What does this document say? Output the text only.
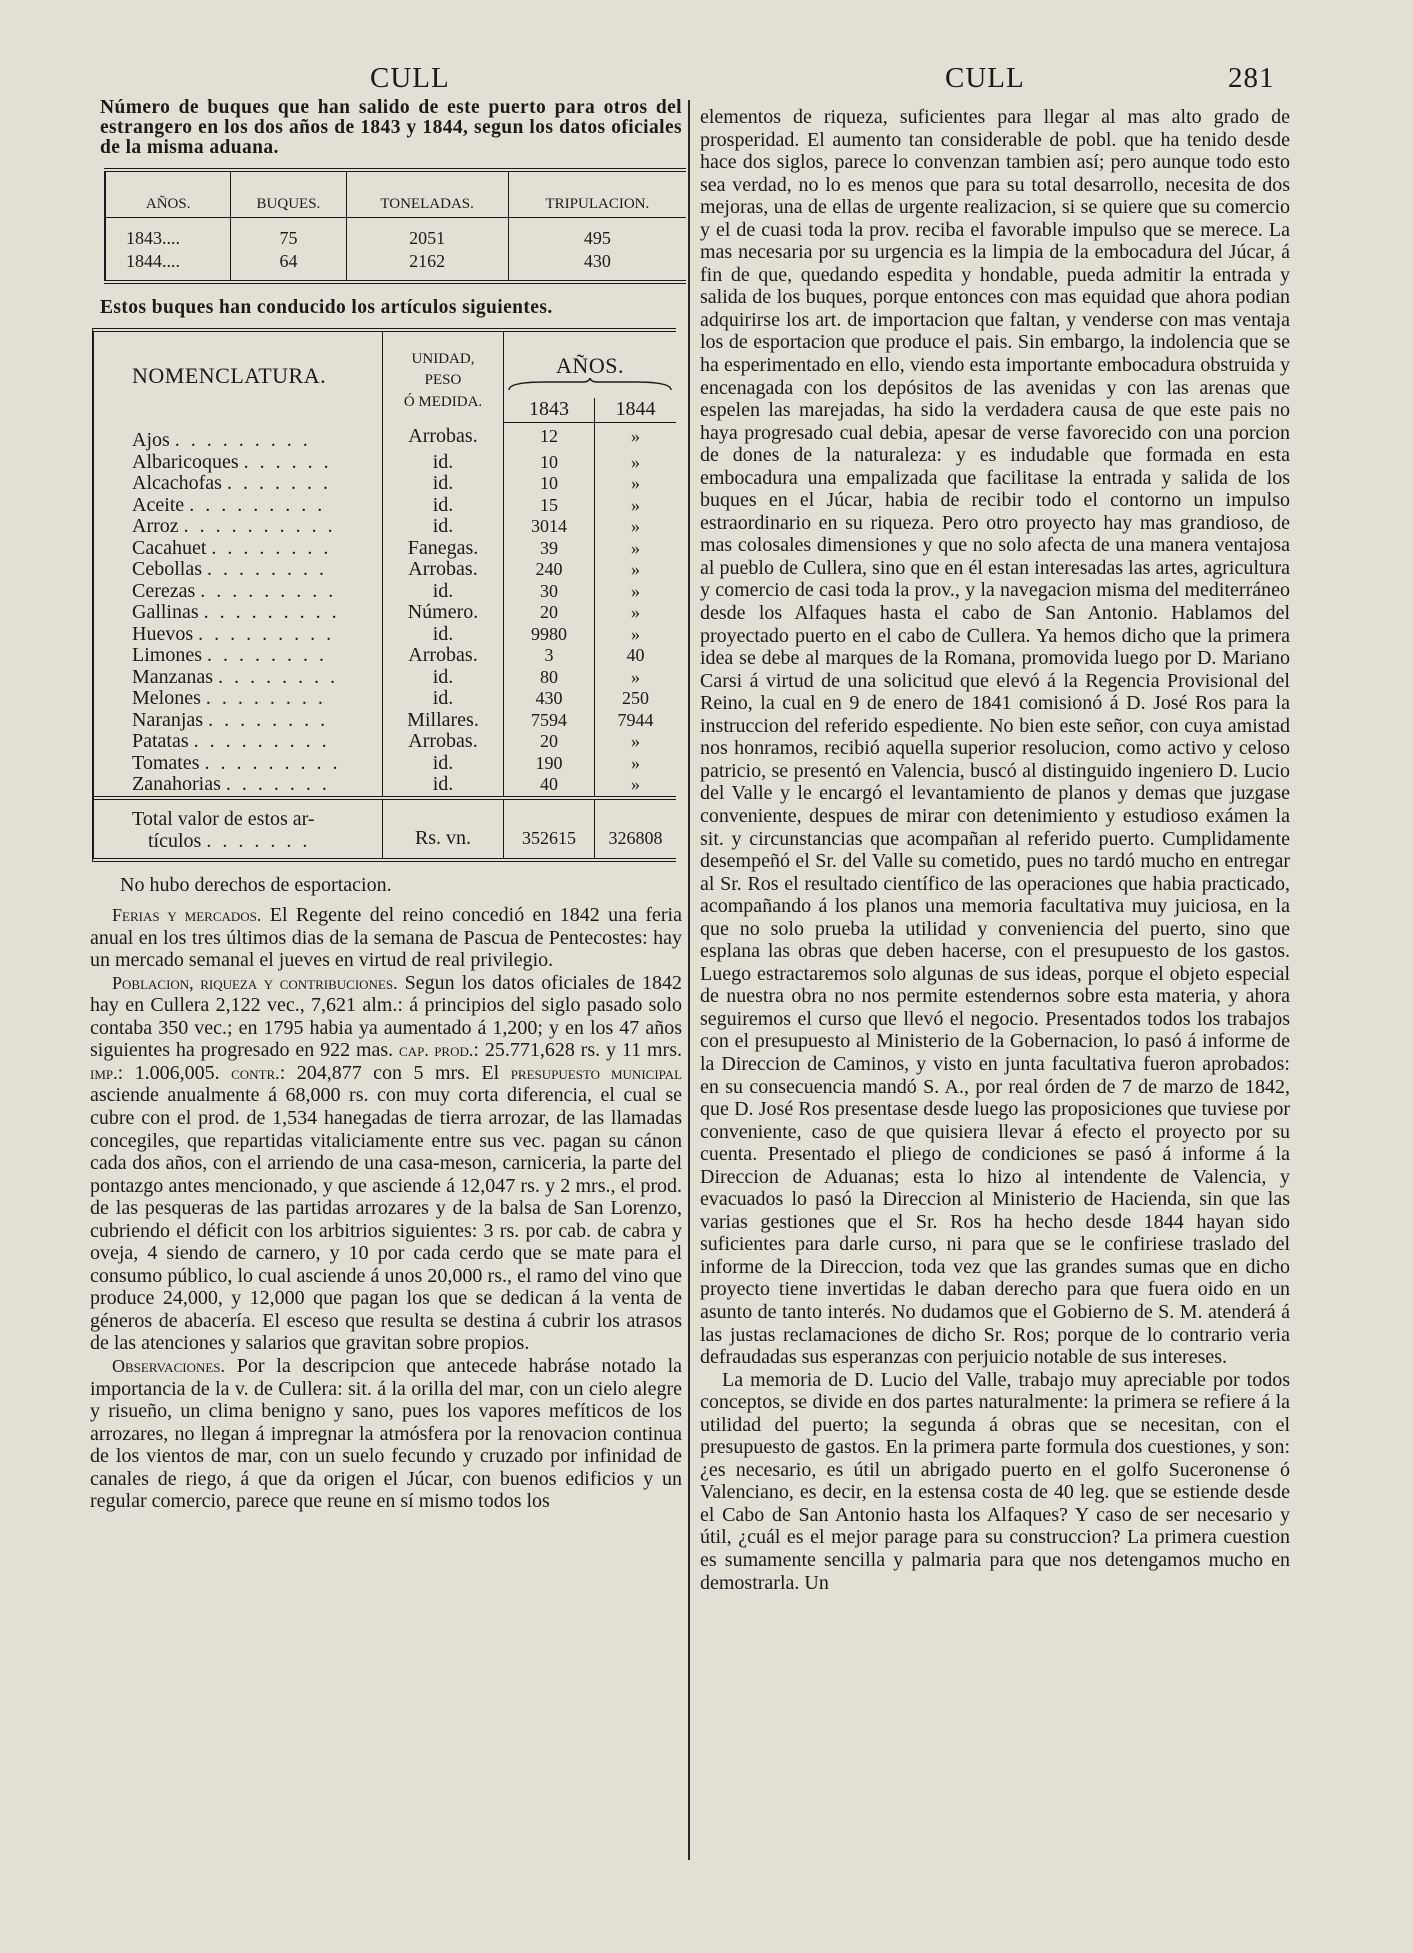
CULL	CULL	281

Número de buques que han salido de este puerto para otros del estrangero en los dos años de 1843 y 1844, segun los datos oficiales de la misma aduana.

AÑOS.	BUQUES.	TONELADAS.	TRIPULACION.
1843....	75	2051	495
1844....	64	2162	430

Estos buques han conducido los artículos siguientes.

NOMENCLATURA.	UNIDAD,
PESO
Ó MEDIDA.	AÑOS.	

		1843	1844
Ajos . . . . . . . . .	Arrobas.	12	»
Albaricoques . . . . . .	id.	10	»
Alcachofas . . . . . . .	id.	10	»
Aceite . . . . . . . . .	id.	15	»
Arroz . . . . . . . . . .	id.	3014	»
Cacahuet . . . . . . . .	Fanegas.	39	»
Cebollas . . . . . . . .	Arrobas.	240	»
Cerezas . . . . . . . . .	id.	30	»
Gallinas . . . . . . . . .	Número.	20	»
Huevos . . . . . . . . .	id.	9980	»
Limones . . . . . . . .	Arrobas.	3	40
Manzanas . . . . . . . .	id.	80	»
Melones . . . . . . . .	id.	430	250
Naranjas . . . . . . . .	Millares.	7594	7944
Patatas . . . . . . . . .	Arrobas.	20	»
Tomates . . . . . . . . .	id.	190	»
Zanahorias . . . . . . .	id.	40	»

Total valor de estos ar-
tículos . . . . . . .	Rs. vn.	352615	326808

No hubo derechos de esportacion.

Ferias y mercados. El Regente del reino concedió en 1842 una feria anual en los tres últimos dias de la semana de Pascua de Pentecostes: hay un mercado semanal el jueves en virtud de real privilegio.

Poblacion, riqueza y contribuciones. Segun los datos oficiales de 1842 hay en Cullera 2,122 vec., 7,621 alm.: á principios del siglo pasado solo contaba 350 vec.; en 1795 habia ya aumentado á 1,200; y en los 47 años siguientes ha progresado en 922 mas. cap. prod.: 25.771,628 rs. y 11 mrs. imp.: 1.006,005. contr.: 204,877 con 5 mrs. El presupuesto municipal asciende anualmente á 68,000 rs. con muy corta diferencia, el cual se cubre con el prod. de 1,534 hanegadas de tierra arrozar, de las llamadas concegiles, que repartidas vitaliciamente entre sus vec. pagan su cánon cada dos años, con el arriendo de una casa-meson, carniceria, la parte del pontazgo antes mencionado, y que asciende á 12,047 rs. y 2 mrs., el prod. de las pesqueras de las partidas arrozares y de la balsa de San Lorenzo, cubriendo el déficit con los arbitrios siguientes: 3 rs. por cab. de cabra y oveja, 4 siendo de carnero, y 10 por cada cerdo que se mate para el consumo público, lo cual asciende á unos 20,000 rs., el ramo del vino que produce 24,000, y 12,000 que pagan los que se dedican á la venta de géneros de abacería. El esceso que resulta se destina á cubrir los atrasos de las atenciones y salarios que gravitan sobre propios.

Observaciones. Por la descripcion que antecede habráse notado la importancia de la v. de Cullera: sit. á la orilla del mar, con un cielo alegre y risueño, un clima benigno y sano, pues los vapores mefíticos de los arrozares, no llegan á impregnar la atmósfera por la renovacion continua de los vientos de mar, con un suelo fecundo y cruzado por infinidad de canales de riego, á que da origen el Júcar, con buenos edificios y un regular comercio, parece que reune en sí mismo todos los

elementos de riqueza, suficientes para llegar al mas alto grado de prosperidad. El aumento tan considerable de pobl. que ha tenido desde hace dos siglos, parece lo convenzan tambien así; pero aunque todo esto sea verdad, no lo es menos que para su total desarrollo, necesita de dos mejoras, una de ellas de urgente realizacion, si se quiere que su comercio y el de cuasi toda la prov. reciba el favorable impulso que se merece. La mas necesaria por su urgencia es la limpia de la embocadura del Júcar, á fin de que, quedando espedita y hondable, pueda admitir la entrada y salida de los buques, porque entonces con mas equidad que ahora podian adquirirse los art. de importacion que faltan, y venderse con mas ventaja los de esportacion que produce el pais. Sin embargo, la indolencia que se ha esperimentado en ello, viendo esta importante embocadura obstruida y encenagada con los depósitos de las avenidas y con las arenas que espelen las marejadas, ha sido la verdadera causa de que este pais no haya progresado cual debia, apesar de verse favorecido con una porcion de dones de la naturaleza: y es indudable que formada en esta embocadura una empalizada que facilitase la entrada y salida de los buques en el Júcar, habia de recibir todo el contorno un impulso estraordinario en su riqueza. Pero otro proyecto hay mas grandioso, de mas colosales dimensiones y que no solo afecta de una manera ventajosa al pueblo de Cullera, sino que en él estan interesadas las artes, agricultura y comercio de casi toda la prov., y la navegacion misma del mediterráneo desde los Alfaques hasta el cabo de San Antonio. Hablamos del proyectado puerto en el cabo de Cullera. Ya hemos dicho que la primera idea se debe al marques de la Romana, promovida luego por D. Mariano Carsi á virtud de una solicitud que elevó á la Regencia Provisional del Reino, la cual en 9 de enero de 1841 comisionó á D. José Ros para la instruccion del referido espediente. No bien este señor, con cuya amistad nos honramos, recibió aquella superior resolucion, como activo y celoso patricio, se presentó en Valencia, buscó al distinguido ingeniero D. Lucio del Valle y le encargó el levantamiento de planos y demas que juzgase conveniente, despues de mirar con detenimiento y estudioso exámen la sit. y circunstancias que acompañan al referido puerto. Cumplidamente desempeñó el Sr. del Valle su cometido, pues no tardó mucho en entregar al Sr. Ros el resultado científico de las operaciones que habia practicado, acompañando á los planos una memoria facultativa muy juiciosa, en la que no solo prueba la utilidad y conveniencia del puerto, sino que esplana las obras que deben hacerse, con el presupuesto de los gastos. Luego estractaremos solo algunas de sus ideas, porque el objeto especial de nuestra obra no nos permite estendernos sobre esta materia, y ahora seguiremos el curso que llevó el negocio. Presentados todos los trabajos con el presupuesto al Ministerio de la Gobernacion, lo pasó á informe de la Direccion de Caminos, y visto en junta facultativa fueron aprobados: en su consecuencia mandó S. A., por real órden de 7 de marzo de 1842, que D. José Ros presentase desde luego las proposiciones que tuviese por conveniente, caso de que quisiera llevar á efecto el proyecto por su cuenta. Presentado el pliego de condiciones se pasó á informe á la Direccion de Aduanas; esta lo hizo al intendente de Valencia, y evacuados lo pasó la Direccion al Ministerio de Hacienda, sin que las varias gestiones que el Sr. Ros ha hecho desde 1844 hayan sido suficientes para darle curso, ni para que se le confiriese traslado del informe de la Direccion, toda vez que las grandes sumas que en dicho proyecto tiene invertidas le daban derecho para que fuera oido en un asunto de tanto interés. No dudamos que el Gobierno de S. M. atenderá á las justas reclamaciones de dicho Sr. Ros; porque de lo contrario veria defraudadas sus esperanzas con perjuicio notable de sus intereses.

La memoria de D. Lucio del Valle, trabajo muy apreciable por todos conceptos, se divide en dos partes naturalmente: la primera se refiere á la utilidad del puerto; la segunda á obras que se necesitan, con el presupuesto de gastos. En la primera parte formula dos cuestiones, y son: ¿es necesario, es útil un abrigado puerto en el golfo Suceronense ó Valenciano, es decir, en la estensa costa de 40 leg. que se estiende desde el Cabo de San Antonio hasta los Alfaques? Y caso de ser necesario y útil, ¿cuál es el mejor parage para su construccion? La primera cuestion es sumamente sencilla y palmaria para que nos detengamos mucho en demostrarla. Un
